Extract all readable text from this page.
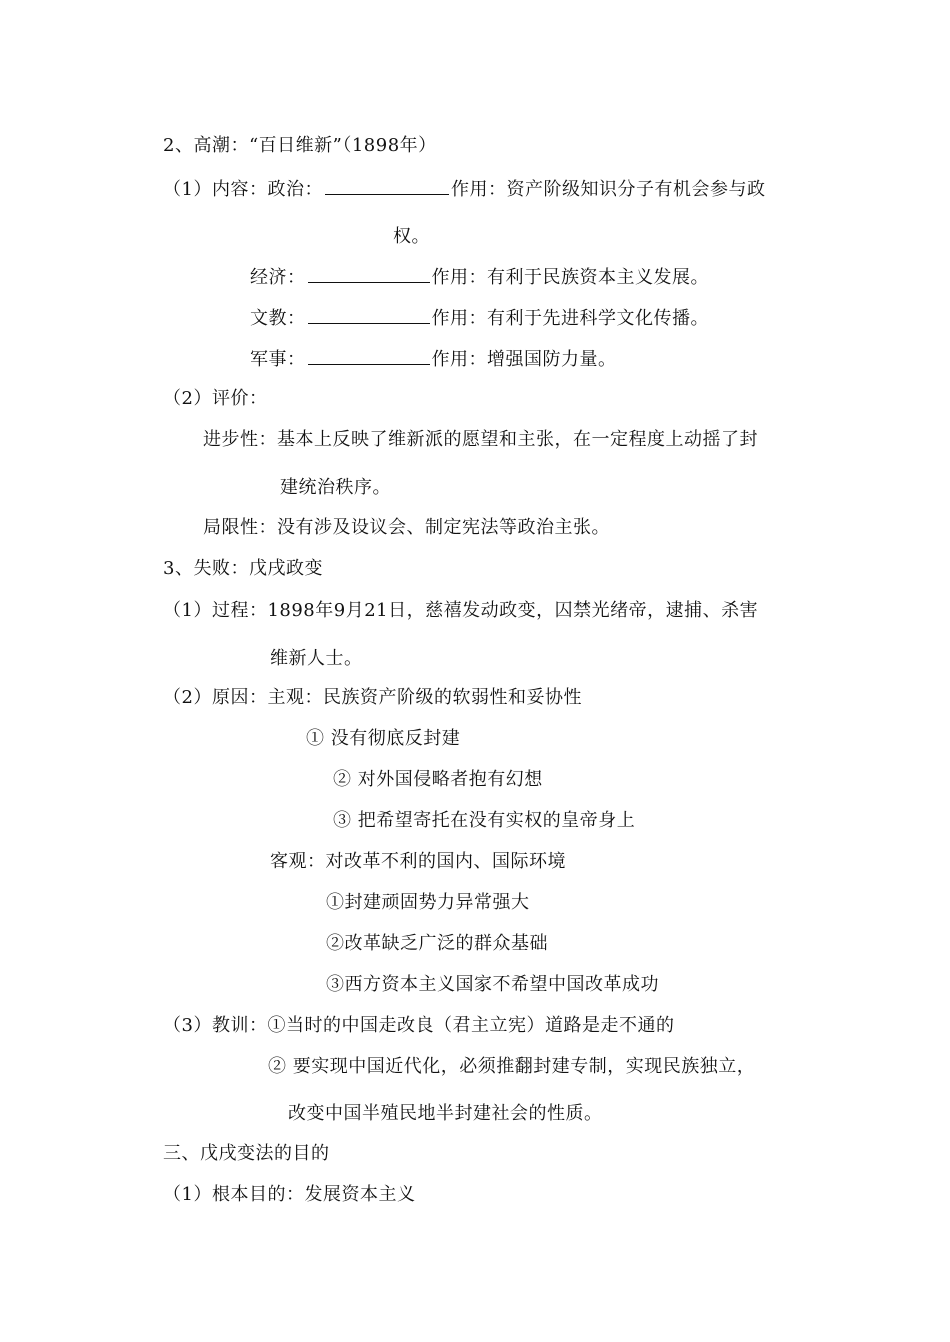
2、高潮：“百日维新”（1898年）
（1）内容：政治：	作用：资产阶级知识分子有机会参与政
权。
经济：	作用：有利于民族资本主义发展。
文教：	作用：有利于先进科学文化传播。
军事：	作用：增强国防力量。
（2）评价：
进步性：基本上反映了维新派的愿望和主张，在一定程度上动摇了封
建统治秩序。
局限性：没有涉及设议会、制定宪法等政治主张。
3、失败：戊戌政变
（1）过程：1898年9月21日，慈禧发动政变，囚禁光绪帝，逮捕、杀害
维新人士。
（2）原因：主观：民族资产阶级的软弱性和妥协性
① 没有彻底反封建
② 对外国侵略者抱有幻想
③ 把希望寄托在没有实权的皇帝身上
客观：对改革不利的国内、国际环境
①封建顽固势力异常强大
②改革缺乏广泛的群众基础
③西方资本主义国家不希望中国改革成功
（3）教训：①当时的中国走改良（君主立宪）道路是走不通的
② 要实现中国近代化，必须推翻封建专制，实现民族独立，
改变中国半殖民地半封建社会的性质。
三、戊戌变法的目的
（1）根本目的：发展资本主义
